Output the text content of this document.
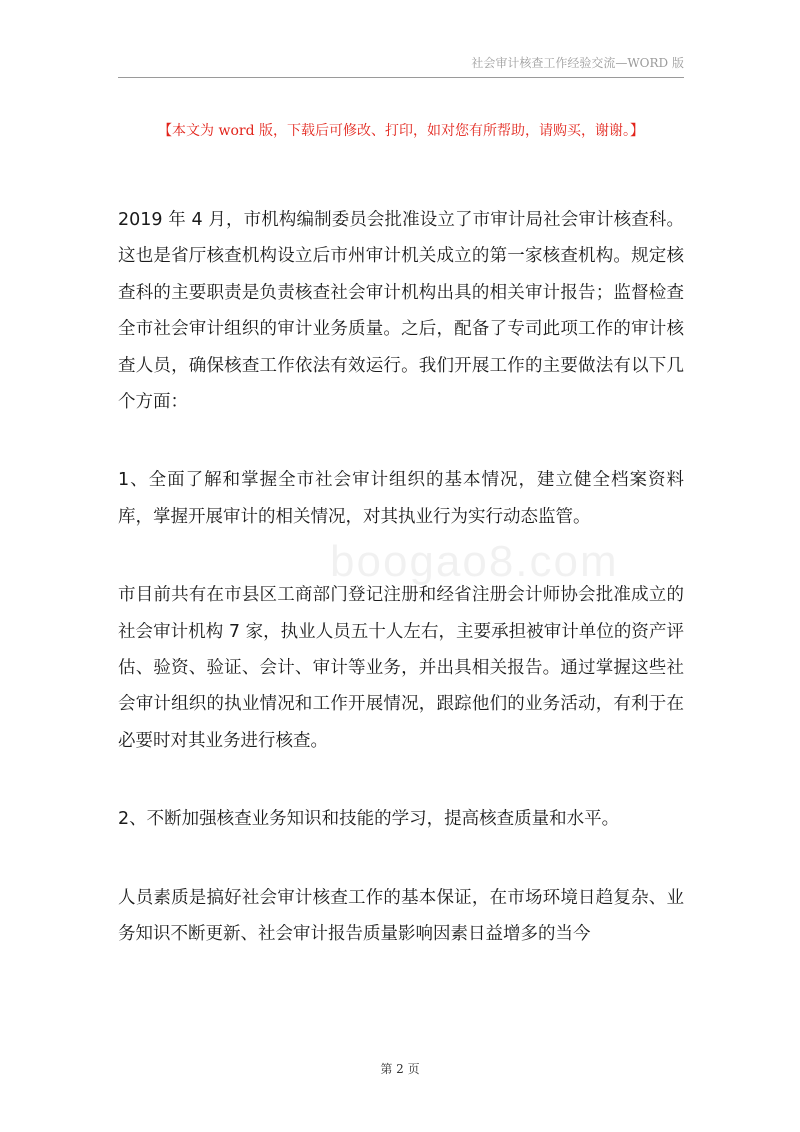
社会审计核查工作经验交流—WORD 版
【本文为 word 版，下载后可修改、打印，如对您有所帮助，请购买，谢谢。】
boogao8.com

2019 年 4 月，市机构编制委员会批准设立了市审计局社会审计核查科。这也是省厅核查机构设立后市州审计机关成立的第一家核查机构。规定核查科的主要职责是负责核查社会审计机构出具的相关审计报告；监督检查全市社会审计组织的审计业务质量。之后，配备了专司此项工作的审计核查人员，确保核查工作依法有效运行。我们开展工作的主要做法有以下几个方面：

1、全面了解和掌握全市社会审计组织的基本情况，建立健全档案资料库，掌握开展审计的相关情况，对其执业行为实行动态监管。

市目前共有在市县区工商部门登记注册和经省注册会计师协会批准成立的社会审计机构 7 家，执业人员五十人左右，主要承担被审计单位的资产评估、验资、验证、会计、审计等业务，并出具相关报告。通过掌握这些社会审计组织的执业情况和工作开展情况，跟踪他们的业务活动，有利于在必要时对其业务进行核查。

2、不断加强核查业务知识和技能的学习，提高核查质量和水平。

人员素质是搞好社会审计核查工作的基本保证，在市场环境日趋复杂、业务知识不断更新、社会审计报告质量影响因素日益增多的当今

第 2 页
